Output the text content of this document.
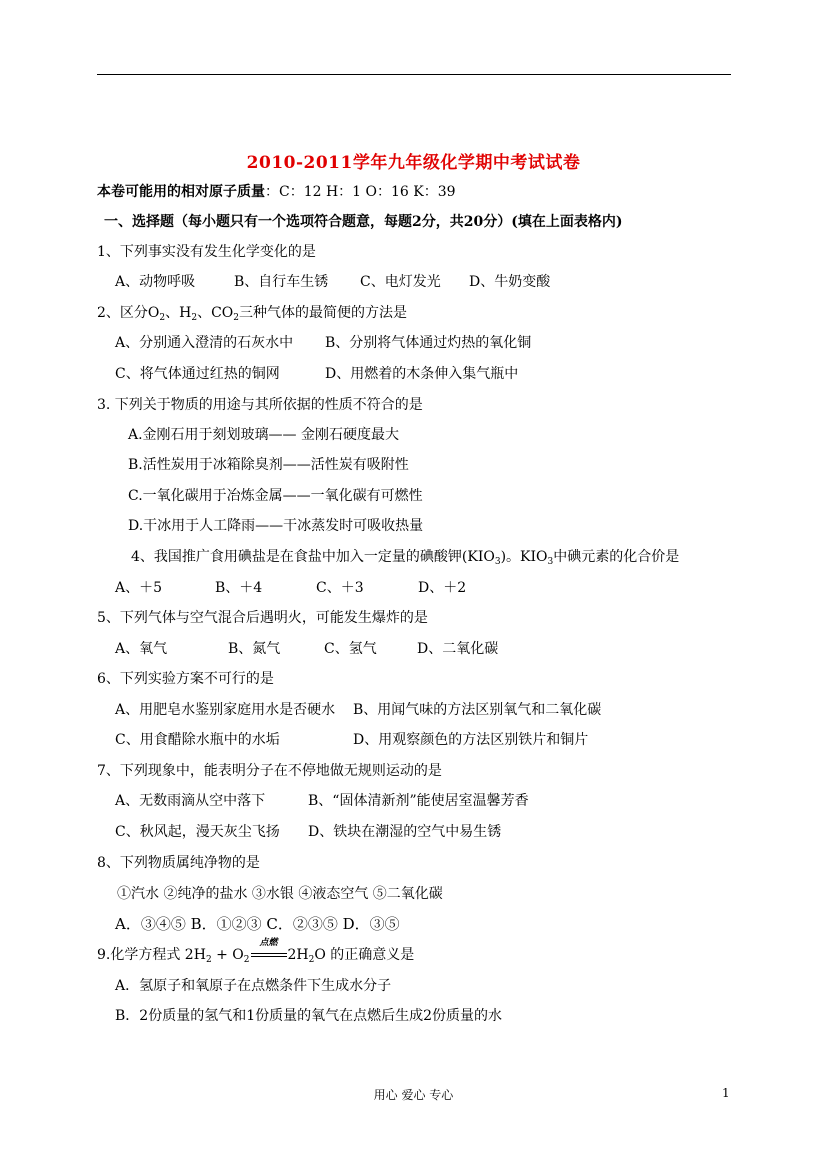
2010-2011学年九年级化学期中考试试卷
本卷可能用的相对原子质量：C：12 H：1 O：16 K：39
一、选择题（每小题只有一个选项符合题意，每题2分，共20分）(填在上面表格内)
1、下列事实没有发生化学变化的是
A、动物呼吸	B、自行车生锈 C、电灯发光 D、牛奶变酸
2、区分$O_2$、$H_2$、$CO_2$三种气体的最简便的方法是
A、分别通入澄清的石灰水中 B、分别将气体通过灼热的氧化铜
C、将气体通过红热的铜网	D、用燃着的木条伸入集气瓶中
3. 下列关于物质的用途与其所依据的性质不符合的是
A.金刚石用于刻划玻璃—— 金刚石硬度最大
B.活性炭用于冰箱除臭剂——活性炭有吸附性
C.一氧化碳用于冶炼金属——一氧化碳有可燃性
D.干冰用于人工降雨——干冰蒸发时可吸收热量
4、我国推广食用碘盐是在食盐中加入一定量的碘酸钾$(KIO_3)$。$KIO_3$中碘元素的化合价是
A、＋5	B、＋4	C、＋3	D、＋2
5、下列气体与空气混合后遇明火，可能发生爆炸的是
A、氧气	B、氮气	C、氢气	D、二氧化碳
6、下列实验方案不可行的是
A、用肥皂水鉴别家庭用水是否硬水 B、用闻气味的方法区别氧气和二氧化碳
C、用食醋除水瓶中的水垢	D、用观察颜色的方法区别铁片和铜片
7、下列现象中，能表明分子在不停地做无规则运动的是
A、无数雨滴从空中落下	B、“固体清新剂”能使居室温馨芳香
C、秋风起，漫天灰尘飞扬 D、铁块在潮湿的空气中易生锈
8、下列物质属纯净物的是
①汽水 ②纯净的盐水 ③水银 ④液态空气 ⑤二氧化碳
A．③④⑤ B．①②③ C．②③⑤ D．③⑤
9.化学方程式 $2H_2 + O_2$
点燃
$2H_2O$ 的正确意义是
A．氢原子和氧原子在点燃条件下生成水分子
B．2份质量的氢气和1份质量的氧气在点燃后生成2份质量的水
用心 爱心 专心	1
